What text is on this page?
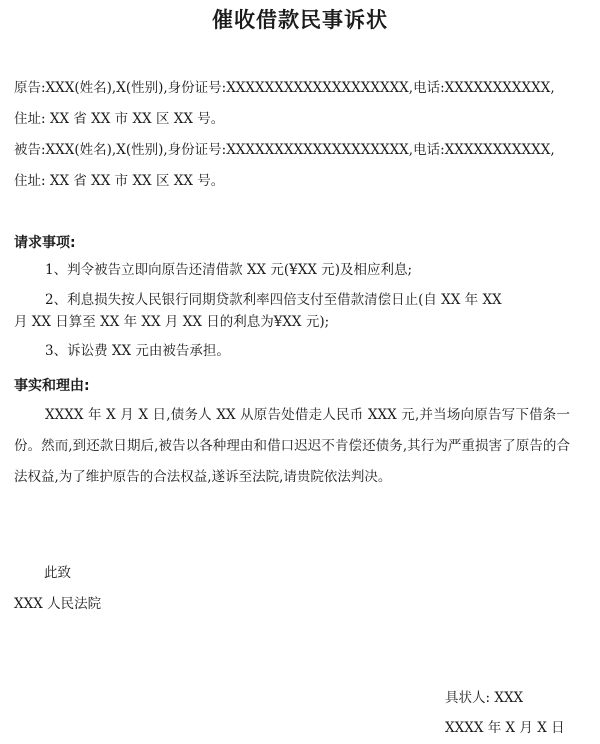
催收借款民事诉状
原告:XXX(姓名),X(性别),身份证号:XXXXXXXXXXXXXXXXXXX,电话:XXXXXXXXXXX,
住址: XX 省 XX 市 XX 区 XX 号。
被告:XXX(姓名),X(性别),身份证号:XXXXXXXXXXXXXXXXXXX,电话:XXXXXXXXXXX,
住址: XX 省 XX 市 XX 区 XX 号。
请求事项:
1、判令被告立即向原告还清借款 XX 元(¥XX 元)及相应利息;
2、利息损失按人民银行同期贷款利率四倍支付至借款清偿日止(自 XX 年 XX
月 XX 日算至 XX 年 XX 月 XX 日的利息为¥XX 元);
3、诉讼费 XX 元由被告承担。
事实和理由:
XXXX 年 X 月 X 日,债务人 XX 从原告处借走人民币 XXX 元,并当场向原告写下借条一份。然而,到还款日期后,被告以各种理由和借口迟迟不肯偿还债务,其行为严重损害了原告的合法权益,为了维护原告的合法权益,遂诉至法院,请贵院依法判决。
此致
XXX 人民法院
具状人: XXX
XXXX 年 X 月 X 日
